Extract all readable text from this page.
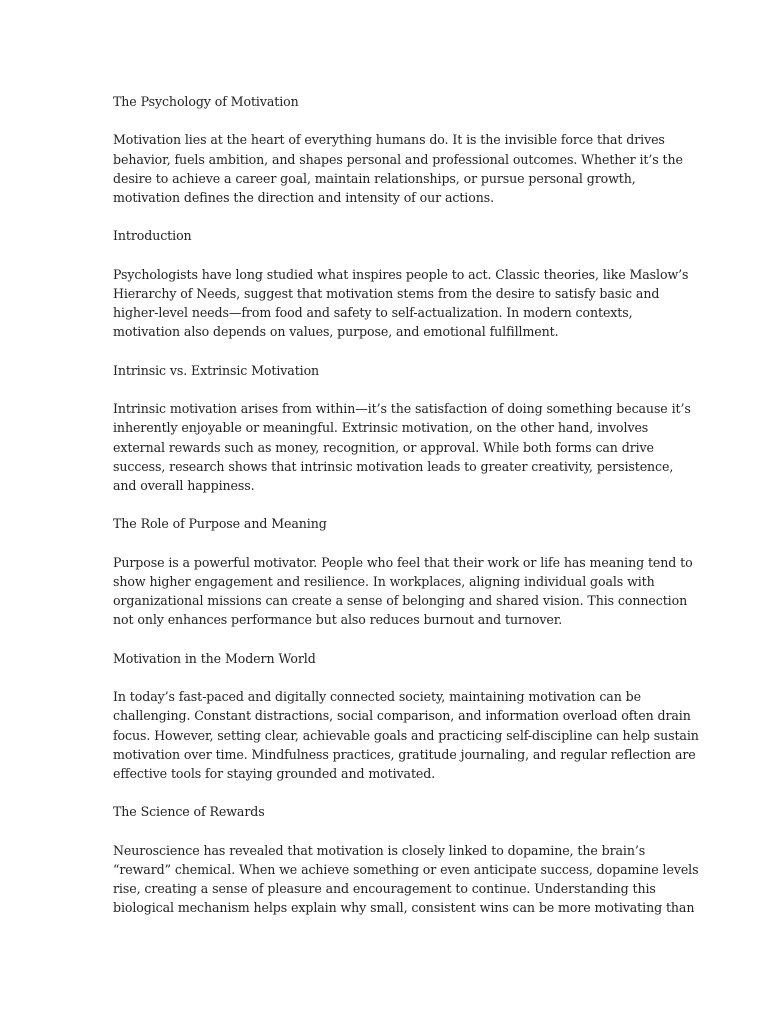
The Psychology of Motivation

Motivation lies at the heart of everything humans do. It is the invisible force that drives
behavior, fuels ambition, and shapes personal and professional outcomes. Whether it’s the
desire to achieve a career goal, maintain relationships, or pursue personal growth,
motivation defines the direction and intensity of our actions.

Introduction

Psychologists have long studied what inspires people to act. Classic theories, like Maslow’s
Hierarchy of Needs, suggest that motivation stems from the desire to satisfy basic and
higher-level needs—from food and safety to self-actualization. In modern contexts,
motivation also depends on values, purpose, and emotional fulfillment.

Intrinsic vs. Extrinsic Motivation

Intrinsic motivation arises from within—it’s the satisfaction of doing something because it’s
inherently enjoyable or meaningful. Extrinsic motivation, on the other hand, involves
external rewards such as money, recognition, or approval. While both forms can drive
success, research shows that intrinsic motivation leads to greater creativity, persistence,
and overall happiness.

The Role of Purpose and Meaning

Purpose is a powerful motivator. People who feel that their work or life has meaning tend to
show higher engagement and resilience. In workplaces, aligning individual goals with
organizational missions can create a sense of belonging and shared vision. This connection
not only enhances performance but also reduces burnout and turnover.

Motivation in the Modern World

In today’s fast-paced and digitally connected society, maintaining motivation can be
challenging. Constant distractions, social comparison, and information overload often drain
focus. However, setting clear, achievable goals and practicing self-discipline can help sustain
motivation over time. Mindfulness practices, gratitude journaling, and regular reflection are
effective tools for staying grounded and motivated.

The Science of Rewards

Neuroscience has revealed that motivation is closely linked to dopamine, the brain’s
“reward” chemical. When we achieve something or even anticipate success, dopamine levels
rise, creating a sense of pleasure and encouragement to continue. Understanding this
biological mechanism helps explain why small, consistent wins can be more motivating than
